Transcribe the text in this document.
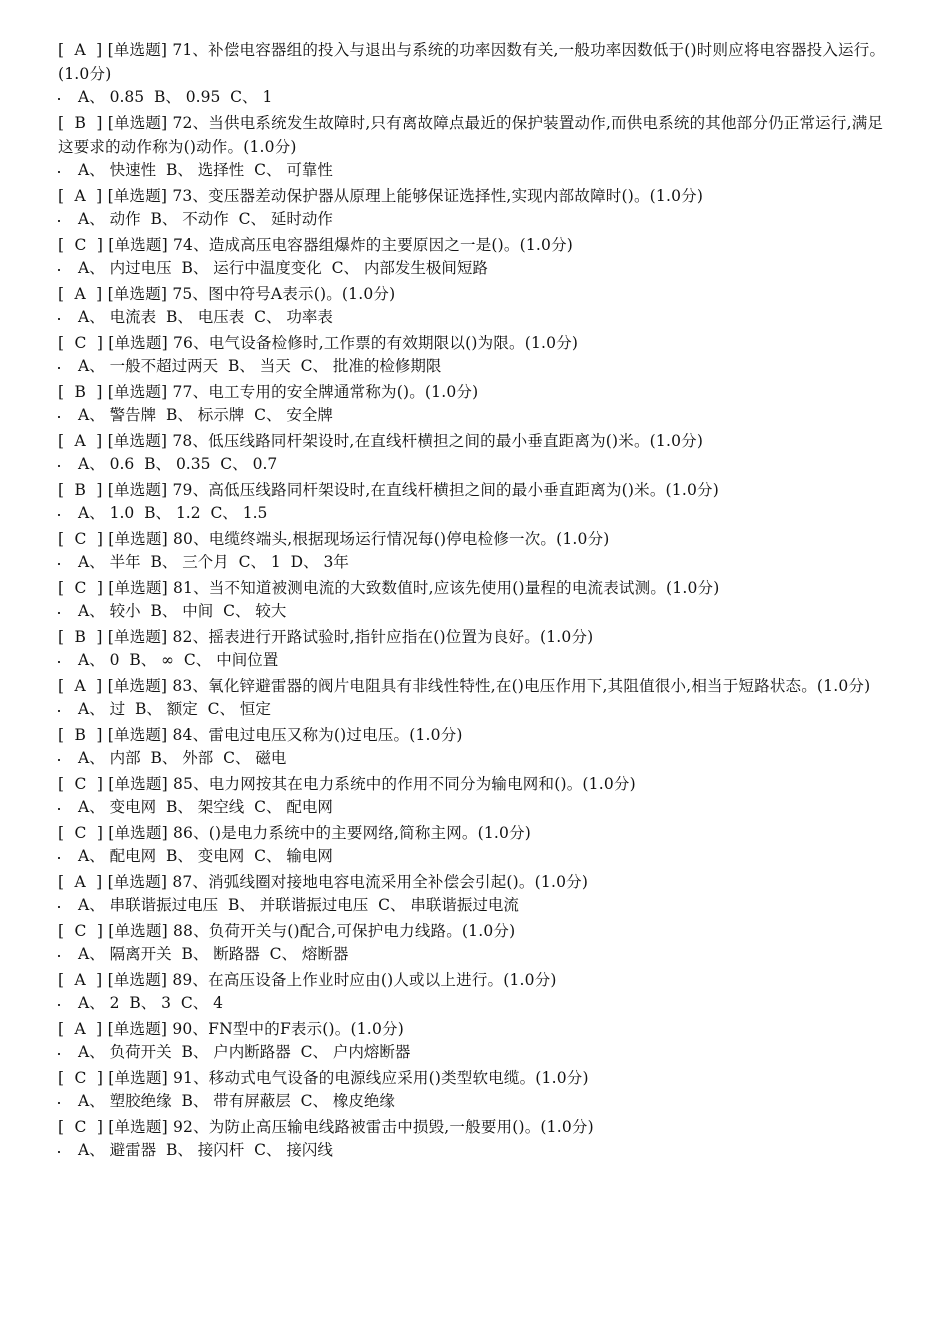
[  A  ] [单选题] 71、补偿电容器组的投入与退出与系统的功率因数有关,一般功率因数低于()时则应将电容器投入运行。(1.0分)
A、 0.85  B、 0.95  C、 1
[  B  ] [单选题] 72、当供电系统发生故障时,只有离故障点最近的保护装置动作,而供电系统的其他部分仍正常运行,满足这要求的动作称为()动作。(1.0分)
A、 快速性  B、 选择性  C、 可靠性
[  A  ] [单选题] 73、变压器差动保护器从原理上能够保证选择性,实现内部故障时()。(1.0分)
A、 动作  B、 不动作  C、 延时动作
[  C  ] [单选题] 74、造成高压电容器组爆炸的主要原因之一是()。(1.0分)
A、 内过电压  B、 运行中温度变化  C、 内部发生极间短路
[  A  ] [单选题] 75、图中符号A表示()。(1.0分)
A、 电流表  B、 电压表  C、 功率表
[  C  ] [单选题] 76、电气设备检修时,工作票的有效期限以()为限。(1.0分)
A、 一般不超过两天  B、 当天  C、 批准的检修期限
[  B  ] [单选题] 77、电工专用的安全牌通常称为()。(1.0分)
A、 警告牌  B、 标示牌  C、 安全牌
[  A  ] [单选题] 78、低压线路同杆架设时,在直线杆横担之间的最小垂直距离为()米。(1.0分)
A、 0.6  B、 0.35  C、 0.7
[  B  ] [单选题] 79、高低压线路同杆架设时,在直线杆横担之间的最小垂直距离为()米。(1.0分)
A、 1.0  B、 1.2  C、 1.5
[  C  ] [单选题] 80、电缆终端头,根据现场运行情况每()停电检修一次。(1.0分)
A、 半年  B、 三个月  C、 1  D、 3年
[  C  ] [单选题] 81、当不知道被测电流的大致数值时,应该先使用()量程的电流表试测。(1.0分)
A、 较小  B、 中间  C、 较大
[  B  ] [单选题] 82、摇表进行开路试验时,指针应指在()位置为良好。(1.0分)
A、 0  B、 ∞  C、 中间位置
[  A  ] [单选题] 83、氧化锌避雷器的阀片电阻具有非线性特性,在()电压作用下,其阻值很小,相当于短路状态。(1.0分)
A、 过  B、 额定  C、 恒定
[  B  ] [单选题] 84、雷电过电压又称为()过电压。(1.0分)
A、 内部  B、 外部  C、 磁电
[  C  ] [单选题] 85、电力网按其在电力系统中的作用不同分为输电网和()。(1.0分)
A、 变电网  B、 架空线  C、 配电网
[  C  ] [单选题] 86、()是电力系统中的主要网络,简称主网。(1.0分)
A、 配电网  B、 变电网  C、 输电网
[  A  ] [单选题] 87、消弧线圈对接地电容电流采用全补偿会引起()。(1.0分)
A、 串联谐振过电压  B、 并联谐振过电压  C、 串联谐振过电流
[  C  ] [单选题] 88、负荷开关与()配合,可保护电力线路。(1.0分)
A、 隔离开关  B、 断路器  C、 熔断器
[  A  ] [单选题] 89、在高压设备上作业时应由()人或以上进行。(1.0分)
A、 2  B、 3  C、 4
[  A  ] [单选题] 90、FN型中的F表示()。(1.0分)
A、 负荷开关  B、 户内断路器  C、 户内熔断器
[  C  ] [单选题] 91、移动式电气设备的电源线应采用()类型软电缆。(1.0分)
A、 塑胶绝缘  B、 带有屏蔽层  C、 橡皮绝缘
[  C  ] [单选题] 92、为防止高压输电线路被雷击中损毁,一般要用()。(1.0分)
A、 避雷器  B、 接闪杆  C、 接闪线
